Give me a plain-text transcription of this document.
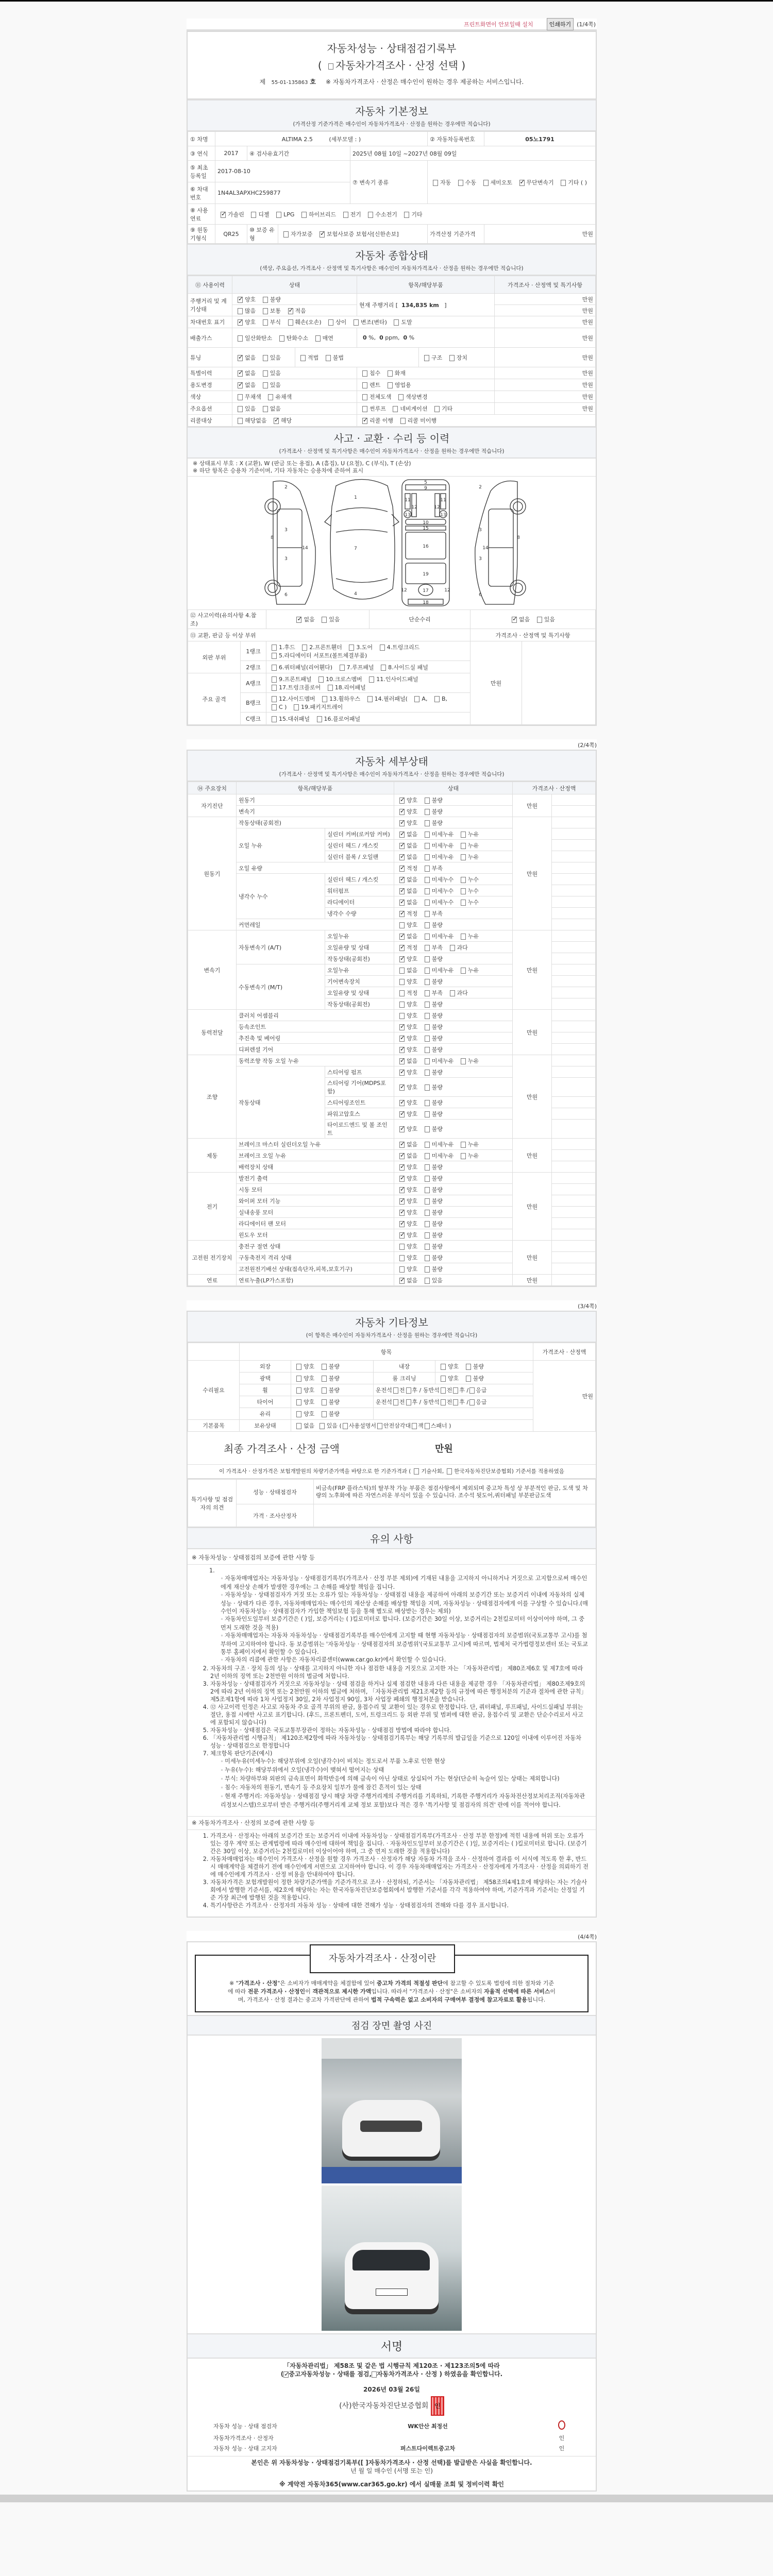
프린트화면이 안보일때 설치	인쇄하기	(1/4쪽)
자동차성능 · 상태점검기록부
( 자동차가격조사 · 산정 선택 )
제 55-01-135863 호 ※ 자동차가격조사 · 산정은 매수인이 원하는 경우 제공하는 서비스입니다.
자동차 기본정보
(가격산정 기준가격은 매수인이 자동차가격조사 · 산정을 원하는 경우에만 적습니다)
① 차명	ALTIMA 2.5 (세부모델 : )				② 자동차등록번호	05노1791
③ 연식	2017	④ 검사유효기간		2025년 08월 10일 ~2027년 08월 09일		
⑤ 최초 등록일	2017-08-10			⑦ 변속기 종류	자동 수동 세미오토 ✓ 무단변속기 기타 ( )
⑥ 차대 번호	1N4AL3APXHC259877					
⑧ 사용 연료	✓가솔린 디젤 LPG 하이브리드 전기 수소전기 기타
⑨ 원동 기형식	QR25	⑩ 보증 유형	자가보증 ✓ 보험사보증 보험사[신한손보]		가격산정 기준가격	만원
자동차 종합상태
(색상, 주요옵션, 가격조사 · 산정액 및 특기사항은 매수인이 자동차가격조사 · 산정을 원하는 경우에만 적습니다)
⑪ 사용이력	상태		항목/해당부품		가격조사 · 산정액 및 특기사항
주행거리 및 계기상태	✓양호 불량		현재 주행거리 [ 134,835 km ]		만원
	많음 보통 ✓ 적음				만원
차대번호 표기	✓양호 부식 훼손(오손) 상이 변조(변타) 도말				만원
배출가스	일산화탄소 탄화수소 매연		0 %, 0 ppm, 0 %		만원
튜닝	✓없음 있음	적법 불법		구조 장치	만원
특별이력	✓없음 있음		침수 화재		만원
용도변경	✓없음 있음		렌트 영업용		만원
색상	무채색 유채색		전체도색 색상변경		만원
주요옵션	있음 없음		썬루프 네비게이션 기타		만원
리콜대상	해당없음 ✓ 해당	✓리콜 이행 리콜 미이행
사고 · 교환 · 수리 등 이력
(가격조사 · 산정액 및 특기사항은 매수인이 자동차가격조사 · 산정을 원하는 경우에만 적습니다)
※ 상태표시 부호 : X (교환), W (판금 또는 용접), A (흠집), U (요철), C (부식), T (손상)
※ 하단 항목은 승용차 기준이며, 기타 자동차는 승용차에 준하여 표시
1
2	2
3
3
3
3
4
5
6	6
7
8	8
9
10
11	11
12	12
12	12
13	13
14	14
15
16
17
18
19
⑫ 사고이력(유의사항 4.참조)	✓없음 있음	단순수리	✓없음 있음
⑬ 교환, 판금 등 이상 부위				가격조사 · 산정액 및 특기사항	
외판 부위	1랭크	1.후드 2.프론트휀더 3.도어 4.트렁크리드 5.라디에이터 서포트(볼트체결부품)		만원	
	2랭크	6.쿼터패널(리어휀다) 7.루프패널 8.사이드실 패널			
주요 골격	A랭크	9.프론트패널 10.크로스멤버 11.인사이드패널 17.트렁크플로어 18.리어패널			
	B랭크	12.사이드멤버 13.휠하우스 14.필러패널( A, B, C ) 19.패키지트레이			
	C랭크	15.대쉬패널 16.플로어패널			
(2/4쪽)
자동차 세부상태
(가격조사 · 산정액 및 특기사항은 매수인이 자동차가격조사 · 산정을 원하는 경우에만 적습니다)
⑭ 주요장치	항목/해당부품		상태	가격조사 · 산정액	
자기진단	원동기	✓양호 불량	만원	
	변속기	✓양호 불량	
원동기	작동상태(공회전)	✓양호 불량	만원	
	오일 누유	실린더 커버(로커암 커버)	✓없음 미세누유 누유	
		실린더 헤드 / 개스킷	✓없음 미세누유 누유	
		실린더 블록 / 오일팬	✓없음 미세누유 누유	
	오일 유량	✓적정 부족	
	냉각수 누수	실린더 헤드 / 개스킷	✓없음 미세누수 누수	
		워터펌프	✓없음 미세누수 누수	
		라디에이터	✓없음 미세누수 누수	
		냉각수 수량	✓적정 부족	
	커먼레일		양호 불량		
변속기	자동변속기 (A/T)	오일누유	✓없음 미세누유 누유	만원	
		오일유량 및 상태	✓적정 부족 과다	
		작동상태(공회전)	✓양호 불량	
	수동변속기 (M/T)	오일누유	없음 미세누유 누유		
		기어변속장치	양호 불량		
		오일유량 및 상태	적정 부족 과다		
		작동상태(공회전)	양호 불량		
동력전달	클러치 어셈블리		양호 불량	만원	
	등속조인트	✓양호 불량	
	추진축 및 베어링	✓양호 불량	
	디퍼렌셜 기어	✓양호 불량	
조향	동력조향 작동 오일 누유	✓없음 미세누유 누유	만원	
	작동상태	스티어링 펌프	✓양호 불량	
		스티어링 기어(MDPS포함)	✓양호 불량	
		스티어링조인트	✓양호 불량	
		파워고압호스	✓양호 불량	
		타이로드엔드 및 볼 조인트	✓양호 불량	
제동	브레이크 마스터 실린더오일 누유	✓없음 미세누유 누유	만원	
	브레이크 오일 누유	✓없음 미세누유 누유	
	배력장치 상태	✓양호 불량	
전기	발전기 출력	✓양호 불량	만원	
	시동 모터	✓양호 불량	
	와이퍼 모터 기능	✓양호 불량	
	실내송풍 모터	✓양호 불량	
	라디에이터 팬 모터	✓양호 불량	
	윈도우 모터	✓양호 불량	
고전원 전기장치	충전구 절연 상태		양호 불량	만원	
	구동축전지 격리 상태		양호 불량		
	고전원전기배선 상태(접속단자,피복,보호기구)		양호 불량		
연료	연료누출(LP가스포함)	✓없음 있음	만원	
(3/4쪽)
자동차 기타정보
(이 항목은 매수인이 자동차가격조사 · 산정을 원하는 경우에만 적습니다)
	항목				가격조사 · 산정액
수리필요	외장	양호 불량	내장	양호 불량	만원
	광택	양호 불량	룸 크리닝	양호 불량	
	휠	양호 불량	운전석 전 후 / 동반석 전 후 / 응급		
	타이어	양호 불량	운전석 전 후 / 동반석 전 후 / 응급		
	유리	양호 불량			
기본품목	보유상태	없음 있음 ( 사용설명서 안전삼각대 잭 스패너 )			
최종 가격조사 · 산정 금액	만원
이 가격조사 · 산정가격은 보험개발원의 차량기준가액을 바탕으로 한 기준가격과 ( 기술사회, 한국자동차진단보증협회) 기준서를 적용하였음
특기사항 및 점검자의 의견	성능 · 상태점검자	비금속(FRP 플라스틱)의 탈부착 가능 부품은 점검사항에서 제외되며 중고차 특성 상 부분적인 판금, 도색 및 차량의 노후화에 따른 자연스러운 부식이 있을 수 있습니다. 조수석 뒷도어,쿼터패널 부분판금도색
	가격 · 조사산정자	
유의 사항
※ 자동차성능 · 상태점검의 보증에 관한 사항 등
1.
◦ 자동차매매업자는 자동차성능 · 상태점검기록부(가격조사 · 산정 부분 제외)에 기재된 내용을 고지하지 아니하거나 거짓으로 고지함으로써 매수인에게 재산상 손해가 발생한 경우에는 그 손해를 배상할 책임을 집니다.
◦ 자동차성능 · 상태점검자가 거짓 또는 오류가 있는 자동차성능 · 상태점검 내용을 제공하여 아래의 보증기간 또는 보증거리 이내에 자동차의 실제 성능 · 상태가 다른 경우, 자동차매매업자는 매수인의 재산상 손해를 배상할 책임을 지며, 자동차성능 · 상태점검자에게 이를 구상할 수 있습니다.(매수인이 자동차성능 · 상태점검자가 가입한 책임보험 등을 통해 별도로 배상받는 경우는 제외)
◦ 자동차인도일부터 보증기간은 ( )일, 보증거리는 ( )킬로미터로 합니다. (보증기간은 30일 이상, 보증거리는 2천킬로미터 이상이어야 하며, 그 중 먼저 도래한 것을 적용)
◦ 자동차매매업자는 자동차 자동차성능 · 상태점검기록부를 매수인에게 고지할 때 현행 자동차성능 · 상태점검자의 보증범위(국토교통부 고시)를 첨부하여 고지하여야 합니다. 동 보증범위는 '자동차성능 · 상태점검자의 보증범위'(국토교통부 고시)에 따르며, 법제처 국가법령정보센터 또는 국토교통부 홈페이지에서 확인할 수 있습니다.
◦ 자동차의 리콜에 관한 사항은 자동차리콜센터(www.car.go.kr)에서 확인할 수 있습니다.
2. 자동차의 구조 · 장치 등의 성능 · 상태를 고지하지 아니한 자나 점검한 내용을 거짓으로 고지한 자는 「자동차관리법」 제80조제6호 및 제7호에 따라 2년 이하의 징역 또는 2천만원 이하의 벌금에 처합니다.
3. 자동차성능 · 상태점검자가 거짓으로 자동차성능 · 상태 점검을 하거나 실제 점검한 내용과 다른 내용을 제공한 경우 「자동차관리법」 제80조제9호의2에 따라 2년 이하의 징역 또는 2천만원 이하의 벌금에 처하며, 「자동차관리법 제21조제2항 등의 규정에 따른 행정처분의 기준과 절차에 관한 규칙」 제5조제1항에 따라 1차 사업정지 30일, 2차 사업정지 90일, 3차 사업장 폐쇄의 행정처분을 받습니다.
4. ⑫ 사고이력 인정은 사고로 자동차 주요 골격 부위의 판금, 용접수리 및 교환이 있는 경우로 한정합니다. 단, 쿼터패널, 루프패널, 사이드실패널 부위는 절단, 용접 시에만 사고로 표기합니다. (후드, 프론트펜더, 도어, 트렁크리드 등 외판 부위 및 범퍼에 대한 판금, 용접수리 및 교환은 단순수리로서 사고에 포함되지 않습니다)
5. 자동차성능 · 상태점검은 국토교통부장관이 정하는 자동차성능 · 상태점검 방법에 따라야 합니다.
6. 「자동차관리법 시행규칙」 제120조제2항에 따라 자동차성능 · 상태점검기록부는 해당 기록부의 발급일을 기준으로 120일 이내에 이루어진 자동차 성능 · 상태점검으로 한정합니다
7. 체크항목 판단기준(예시)
◦ 미세누유(미세누수): 해당부위에 오일(냉각수)이 비치는 정도로서 부품 노후로 인한 현상
◦ 누유(누수): 해당부위에서 오일(냉각수)이 맺혀서 떨어지는 상태
◦ 부식: 차량하부와 외판의 금속표면이 화학반응에 의해 금속이 아닌 상태로 상실되어 가는 현상(단순히 녹슬어 있는 상태는 제외합니다)
◦ 침수: 자동차의 원동기, 변속기 등 주요장치 일부가 물에 잠긴 흔적이 있는 상태
◦ 현재 주행거리: 자동차성능 · 상태점검 당시 해당 차량 주행거리계의 주행거리를 기록하되, 기록한 주행거리가 자동차전산정보처리조직(자동차관리정보시스템)으로부터 받은 주행거리(주행거리계 교체 정보 포함)보다 적은 경우 '특기사항 및 점검자의 의견' 란에 이를 적어야 합니다.
※ 자동차가격조사 · 산정의 보증에 관한 사항 등
1. 가격조사 · 산정자는 아래의 보증기간 또는 보증거리 이내에 자동차성능 · 상태점검기록부(가격조사 · 산정 부분 한정)에 적힌 내용에 허위 또는 오류가 있는 경우 계약 또는 관계법령에 따라 매수인에 대하여 책임을 집니다. · 자동차인도일부터 보증기간은 ( )일, 보증거리는 ( )킬로미터로 합니다. (보증기간은 30일 이상, 보증거리는 2천킬로미터 이상이어야 하며, 그 중 먼저 도래한 것을 적용합니다)
2. 자동차매매업자는 매수인이 가격조사 · 산정을 원할 경우 가격조사 · 산정자가 해당 자동차 가격을 조사 · 산정하여 결과를 이 서식에 적도록 한 후, 반드시 매매계약을 체결하기 전에 매수인에게 서면으로 고지하여야 합니다. 이 경우 자동차매매업자는 가격조사 · 산정자에게 가격조사 · 산정을 의뢰하기 전에 매수인에게 가격조사 · 산정 비용을 안내하여야 합니다.
3. 자동차가격은 보험개발원이 정한 차량기준가액을 기준가격으로 조사 · 산정하되, 기준서는 「자동차관리법」 제58조의4제1호에 해당하는 자는 기술사회에서 발행한 기준서를, 제2호에 해당하는 자는 한국자동차진단보증협회에서 발행한 기준서를 각각 적용하여야 하며, 기준가격과 기준서는 산정일 기준 가장 최근에 발행된 것을 적용합니다.
4. 특기사항란은 가격조사 · 산정자의 자동차 성능 · 상태에 대한 견해가 성능 · 상태점검자의 견해와 다를 경우 표시합니다.
(4/4쪽)
자동차가격조사 · 산정이란

※ "가격조사 · 산정"은 소비자가 매매계약을 체결함에 있어 중고차 가격의 적절성 판단에 참고할 수 있도록 법령에 의한 절차와 기준에 따라 전문 가격조사 · 산정인이 객관적으로 제시한 가액입니다. 따라서 "가격조사 · 산정"은 소비자의 자율적 선택에 따른 서비스이며, 가격조사 · 산정 결과는 중고차 가격판단에 관하여 법적 구속력은 없고 소비자의 구매여부 결정에 참고자료로 활용됩니다.

점검 장면 촬영 사진
서명
「자동차관리법」 제58조 및 같은 법 시행규칙 제120조 · 제123조의5에 따라
( ✓ 중고자동차성능 · 상태를 점검, 자동차가격조사 · 산정 ) 하였음을 확인합니다.
2026년 03월 26일
(사)한국자동차진단보증협회 인
자동차 성능 · 상태 점검자	WK안산 최정선	
자동차가격조사 · 산정자		인
자동차 성능 · 상태 고지자	퍼스트다이렉트중고차	인
본인은 위 자동차성능 · 상태점검기록부([ ]자동차가격조사 · 산정 선택)를 발급받은 사실을 확인합니다.
년 월 일 매수인 (서명 또는 인)
※ 계약전 자동차365(www.car365.go.kr) 에서 실매물 조회 및 정비이력 확인
